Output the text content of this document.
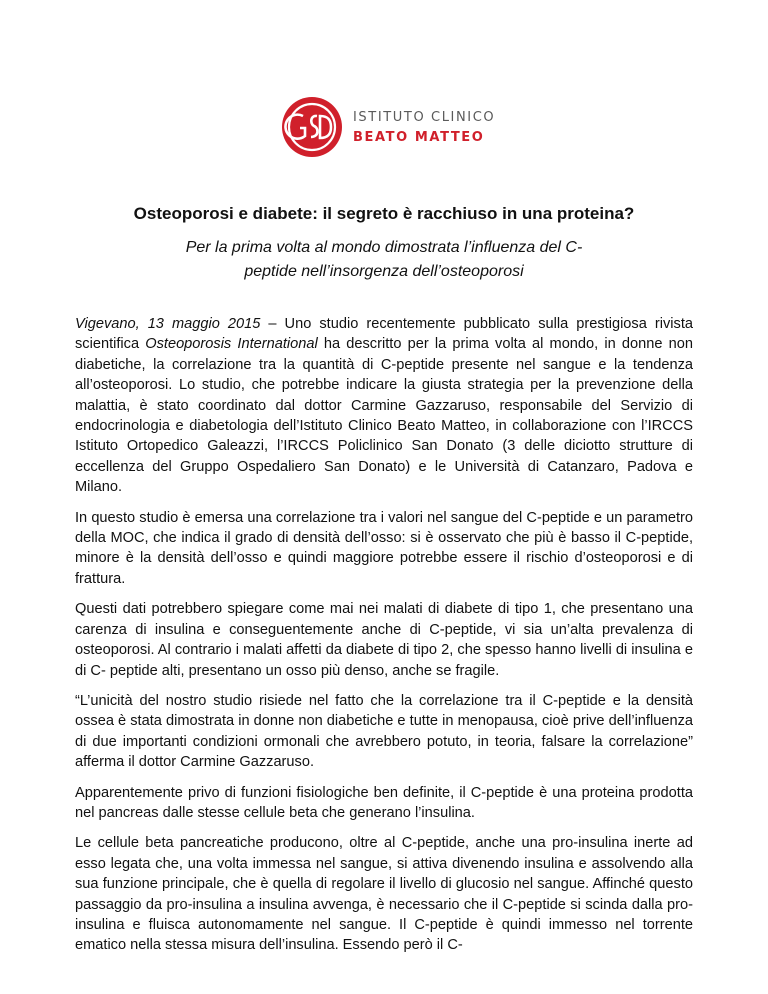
ISTITUTO CLINICO
BEATO MATTEO
Osteoporosi e diabete: il segreto è racchiuso in una proteina?

Per la prima volta al mondo dimostrata l’influenza del C- peptide nell’insorgenza dell’osteoporosi

Vigevano, 13 maggio 2015 – Uno studio recentemente pubblicato sulla prestigiosa rivista scientifica Osteoporosis International ha descritto per la prima volta al mondo, in donne non diabetiche, la correlazione tra la quantità di C-peptide presente nel sangue e la tendenza all’osteoporosi. Lo studio, che potrebbe indicare la giusta strategia per la prevenzione della malattia, è stato coordinato dal dottor Carmine Gazzaruso, responsabile del Servizio di endocrinologia e diabetologia dell’Istituto Clinico Beato Matteo, in collaborazione con l’IRCCS Istituto Ortopedico Galeazzi, l’IRCCS Policlinico San Donato (3 delle diciotto strutture di eccellenza del Gruppo Ospedaliero San Donato) e le Università di Catanzaro, Padova e Milano.

In questo studio è emersa una correlazione tra i valori nel sangue del C-peptide e un parametro della MOC, che indica il grado di densità dell’osso: si è osservato che più è basso il C-peptide, minore è la densità dell’osso e quindi maggiore potrebbe essere il rischio d’osteoporosi e di frattura.

Questi dati potrebbero spiegare come mai nei malati di diabete di tipo 1, che presentano una carenza di insulina e conseguentemente anche di C-peptide, vi sia un’alta prevalenza di osteoporosi. Al contrario i malati affetti da diabete di tipo 2, che spesso hanno livelli di insulina e di C- peptide alti, presentano un osso più denso, anche se fragile.

“L’unicità del nostro studio risiede nel fatto che la correlazione tra il C-peptide e la densità ossea è stata dimostrata in donne non diabetiche e tutte in menopausa, cioè prive dell’influenza di due importanti condizioni ormonali che avrebbero potuto, in teoria, falsare la correlazione” afferma il dottor Carmine Gazzaruso.

Apparentemente privo di funzioni fisiologiche ben definite, il C-peptide è una proteina prodotta nel pancreas dalle stesse cellule beta che generano l’insulina.

Le cellule beta pancreatiche producono, oltre al C-peptide, anche una pro-insulina inerte ad esso legata che, una volta immessa nel sangue, si attiva divenendo insulina e assolvendo alla sua funzione principale, che è quella di regolare il livello di glucosio nel sangue. Affinché questo passaggio da pro-insulina a insulina avvenga, è necessario che il C-peptide si scinda dalla pro-insulina e fluisca autonomamente nel sangue. Il C-peptide è quindi immesso nel torrente ematico nella stessa misura dell’insulina. Essendo però il C-
